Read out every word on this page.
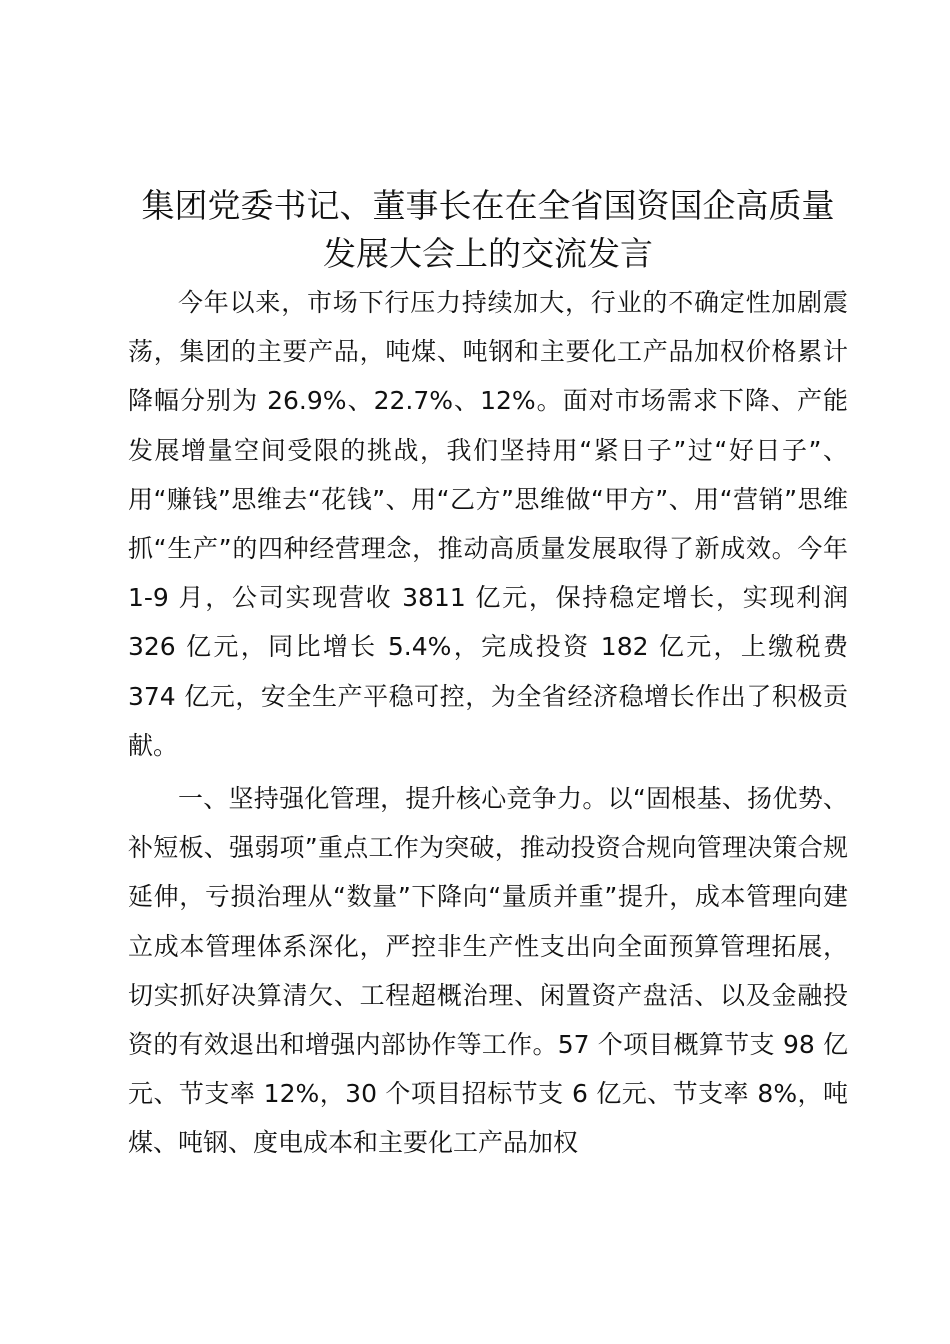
集团党委书记、董事长在在全省国资国企高质量发展大会上的交流发言

今年以来，市场下行压力持续加大，行业的不确定性加剧震荡，集团的主要产品，吨煤、吨钢和主要化工产品加权价格累计降幅分别为 26.9%、22.7%、12%。面对市场需求下降、产能发展增量空间受限的挑战，我们坚持用“紧日子”过“好日子”、用“赚钱”思维去“花钱”、用“乙方”思维做“甲方”、用“营销”思维抓“生产”的四种经营理念，推动高质量发展取得了新成效。今年 1-9 月，公司实现营收 3811 亿元，保持稳定增长，实现利润 326 亿元，同比增长 5.4%，完成投资 182 亿元，上缴税费 374 亿元，安全生产平稳可控，为全省经济稳增长作出了积极贡献。

一、坚持强化管理，提升核心竞争力。以“固根基、扬优势、补短板、强弱项”重点工作为突破，推动投资合规向管理决策合规延伸，亏损治理从“数量”下降向“量质并重”提升，成本管理向建立成本管理体系深化，严控非生产性支出向全面预算管理拓展，切实抓好决算清欠、工程超概治理、闲置资产盘活、以及金融投资的有效退出和增强内部协作等工作。57 个项目概算节支 98 亿元、节支率 12%，30 个项目招标节支 6 亿元、节支率 8%，吨煤、吨钢、度电成本和主要化工产品加权
